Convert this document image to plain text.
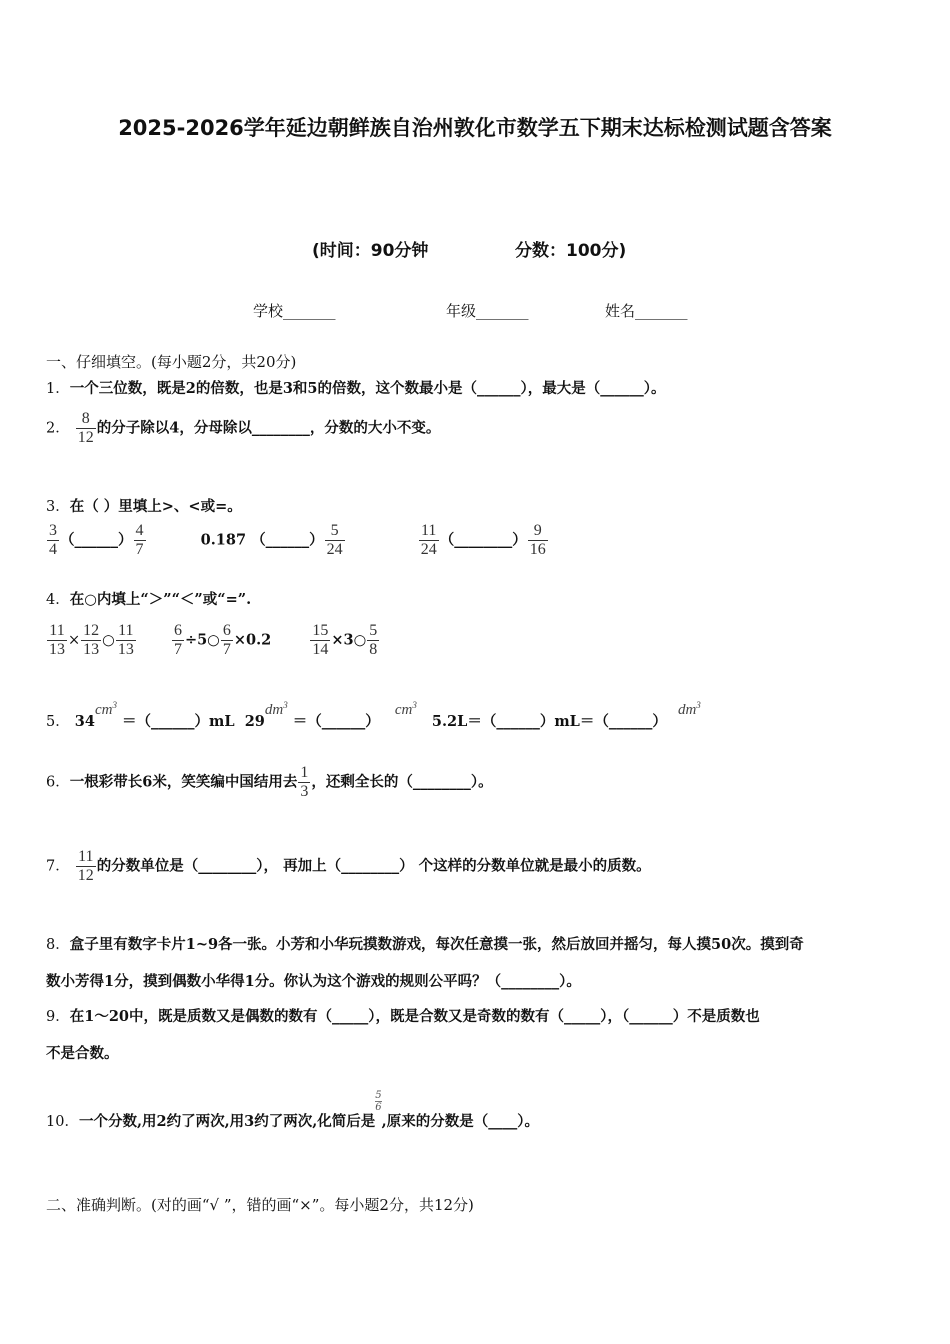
2025-2026学年延边朝鲜族自治州敦化市数学五下期末达标检测试题含答案
(时间：90分钟	分数：100分)
学校_______	年级_______	姓名_______
一、仔细填空。(每小题2分，共20分)
1．一个三位数，既是2的倍数，也是3和5的倍数，这个数最小是（______），最大是（______）。
2． $\frac{8}{12}$ 的分子除以4，分母除以________，分数的大小不变。
3．在（ ）里填上>、<或=。
$\frac{3}{4}$ （______） $\frac{4}{7}$	0.187 （______） $\frac{5}{24}$
	$\frac{11}{24}$ （________） $\frac{9}{16}$
4．在○内填上“＞”“＜”或“=”.
$\frac{11}{13} \times \frac{12}{13}$ ○ $\frac{11}{13}$
$\frac{6}{7}$ ÷5○ $\frac{6}{7} \times 0.2 \frac{15}{14}$ ×3○ $\frac{5}{8}$
5． $34cm^3$ ＝（______）mL $29dm^3$ ＝（______） $cm^3$ 5.2L＝（______）mL＝（______） $dm^3$
6．一根彩带长6米，笑笑编中国结用去 $\frac{1}{3}$ ，还剩全长的（________）。
7． $\frac{11}{12}$ 的分数单位是（________）， 再加上（________） 个这样的分数单位就是最小的质数。
8．盒子里有数字卡片1~9各一张。小芳和小华玩摸数游戏，每次任意摸一张，然后放回并摇匀，每人摸50次。摸到奇
数小芳得1分，摸到偶数小华得1分。你认为这个游戏的规则公平吗？（________）。
9．在1～20中，既是质数又是偶数的数有（_____），既是合数又是奇数的数有（_____），（______）不是质数也
不是合数。
10．一个分数,用2约了两次,用3约了两次,化简后是
$\frac{5}{6}$
,原来的分数是（____）。
二、准确判断。(对的画“√ ”，错的画“×”。每小题2分，共12分)
